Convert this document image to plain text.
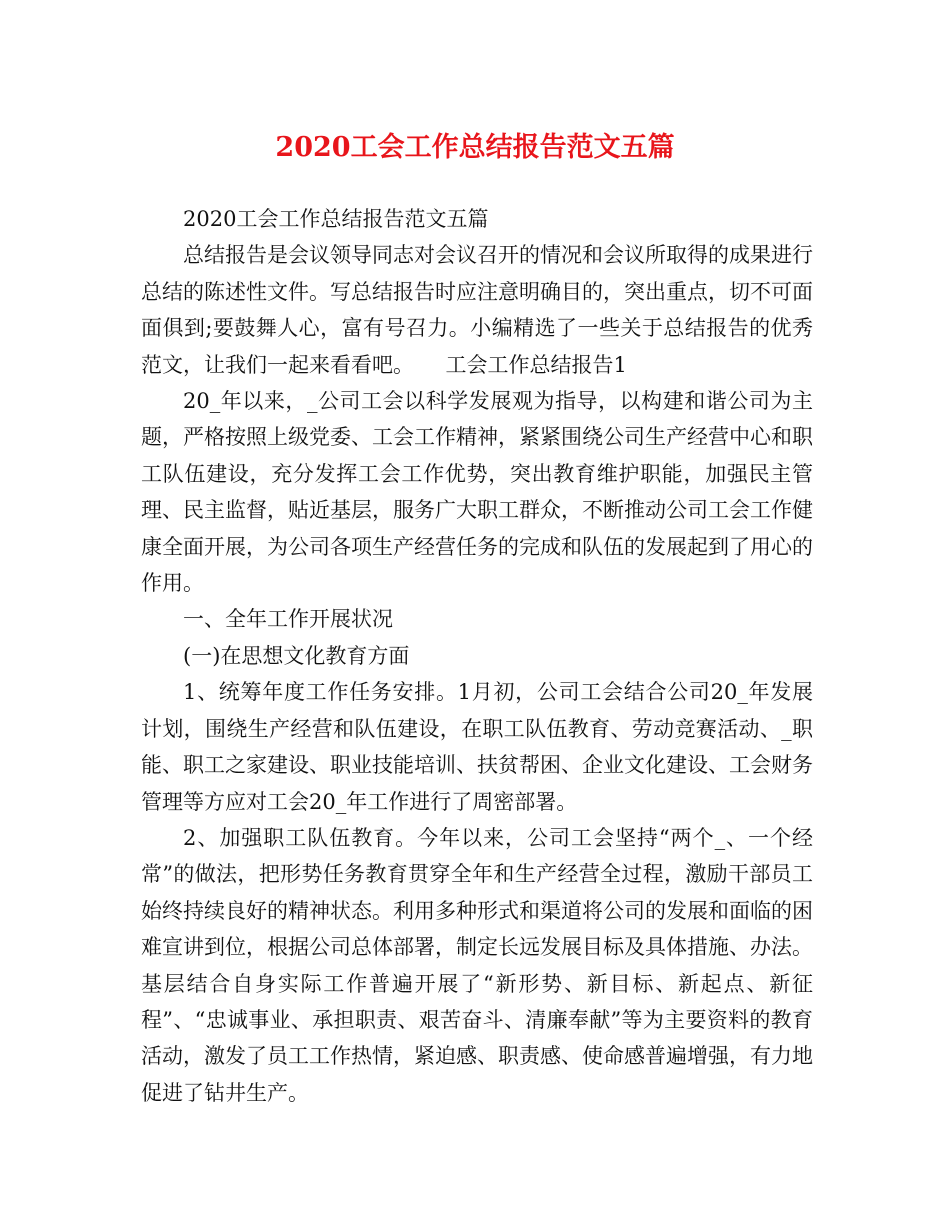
2020工会工作总结报告范文五篇

2020工会工作总结报告范文五篇

总结报告是会议领导同志对会议召开的情况和会议所取得的成果进行总结的陈述性文件。写总结报告时应注意明确目的，突出重点，切不可面面俱到;要鼓舞人心，富有号召力。小编精选了一些关于总结报告的优秀范文，让我们一起来看看吧。　　工会工作总结报告1

20_年以来，_公司工会以科学发展观为指导，以构建和谐公司为主题，严格按照上级党委、工会工作精神，紧紧围绕公司生产经营中心和职工队伍建设，充分发挥工会工作优势，突出教育维护职能，加强民主管理、民主监督，贴近基层，服务广大职工群众，不断推动公司工会工作健康全面开展，为公司各项生产经营任务的完成和队伍的发展起到了用心的作用。

一、全年工作开展状况

(一)在思想文化教育方面

1、统筹年度工作任务安排。1月初，公司工会结合公司20_年发展计划，围绕生产经营和队伍建设，在职工队伍教育、劳动竞赛活动、_职能、职工之家建设、职业技能培训、扶贫帮困、企业文化建设、工会财务管理等方应对工会20_年工作进行了周密部署。

2、加强职工队伍教育。今年以来，公司工会坚持“两个_、一个经常”的做法，把形势任务教育贯穿全年和生产经营全过程，激励干部员工始终持续良好的精神状态。利用多种形式和渠道将公司的发展和面临的困难宣讲到位，根据公司总体部署，制定长远发展目标及具体措施、办法。基层结合自身实际工作普遍开展了“新形势、新目标、新起点、新征程”、“忠诚事业、承担职责、艰苦奋斗、清廉奉献”等为主要资料的教育活动，激发了员工工作热情，紧迫感、职责感、使命感普遍增强，有力地促进了钻井生产。
